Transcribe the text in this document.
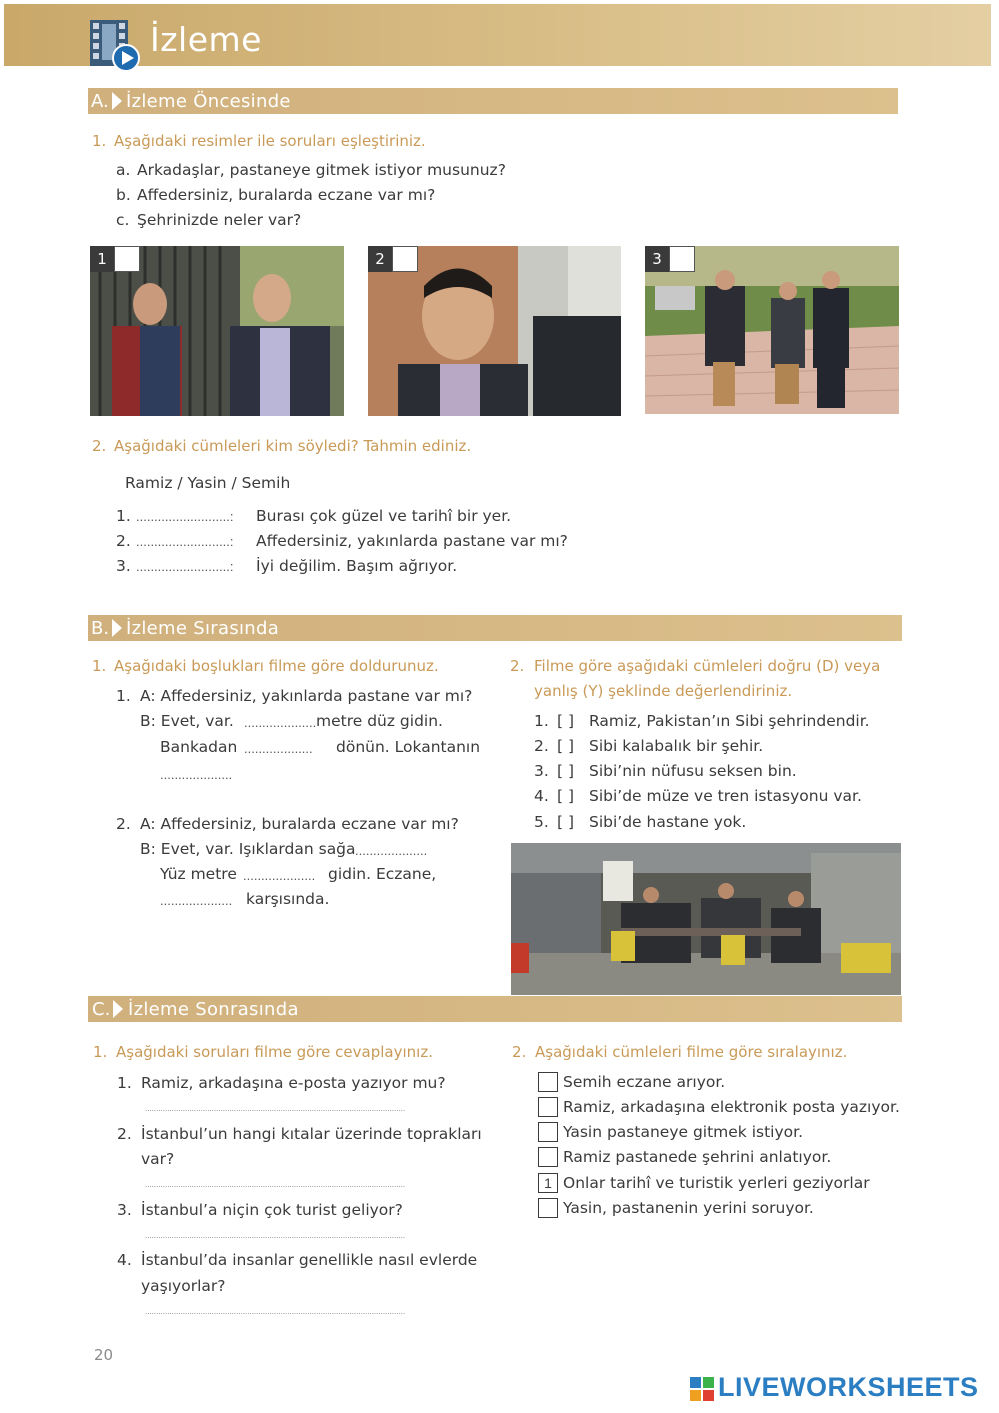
İzleme
A. İzleme Öncesinde
1. Aşağıdaki resimler ile soruları eşleştiriniz.
a. Arkadaşlar, pastaneye gitmek istiyor musunuz?
b. Affedersiniz, buralarda eczane var mı?
c. Şehrinizde neler var?
1	2	3
2. Aşağıdaki cümleleri kim söyledi? Tahmin ediniz.
Ramiz / Yasin / Semih
1. ..........................: Burası çok güzel ve tarihî bir yer.
2. ..........................: Affedersiniz, yakınlarda pastane var mı?
3. ..........................: İyi değilim. Başım ağrıyor.
B. İzleme Sırasında
1. Aşağıdaki boşlukları filme göre doldurunuz.
1. A: Affedersiniz, yakınlarda pastane var mı?
B: Evet, var. .................... metre düz gidin.
Bankadan ................... dönün. Lokantanın
....................
2. A: Affedersiniz, buralarda eczane var mı?
B: Evet, var. Işıklardan sağa ....................
Yüz metre .................... gidin. Eczane,
.................... karşısında.
2. Filme göre aşağıdaki cümleleri doğru (D) veya
yanlış (Y) şeklinde değerlendiriniz.
1. [ ] Ramiz, Pakistan’ın Sibi şehrindendir.
2. [ ] Sibi kalabalık bir şehir.
3. [ ] Sibi’nin nüfusu seksen bin.
4. [ ] Sibi’de müze ve tren istasyonu var.
5. [ ] Sibi’de hastane yok.
C. İzleme Sonrasında
1. Aşağıdaki soruları filme göre cevaplayınız.
1. Ramiz, arkadaşına e-posta yazıyor mu?
.....................................................................................................................
2. İstanbul’un hangi kıtalar üzerinde toprakları
var?
.....................................................................................................................
3. İstanbul’a niçin çok turist geliyor?
.....................................................................................................................
4. İstanbul’da insanlar genellikle nasıl evlerde
yaşıyorlar?
.....................................................................................................................
2. Aşağıdaki cümleleri filme göre sıralayınız.
Semih eczane arıyor.
Ramiz, arkadaşına elektronik posta yazıyor.
Yasin pastaneye gitmek istiyor.
Ramiz pastanede şehrini anlatıyor.
1 Onlar tarihî ve turistik yerleri geziyorlar
Yasin, pastanenin yerini soruyor.
20
LIVEWORKSHEETS
